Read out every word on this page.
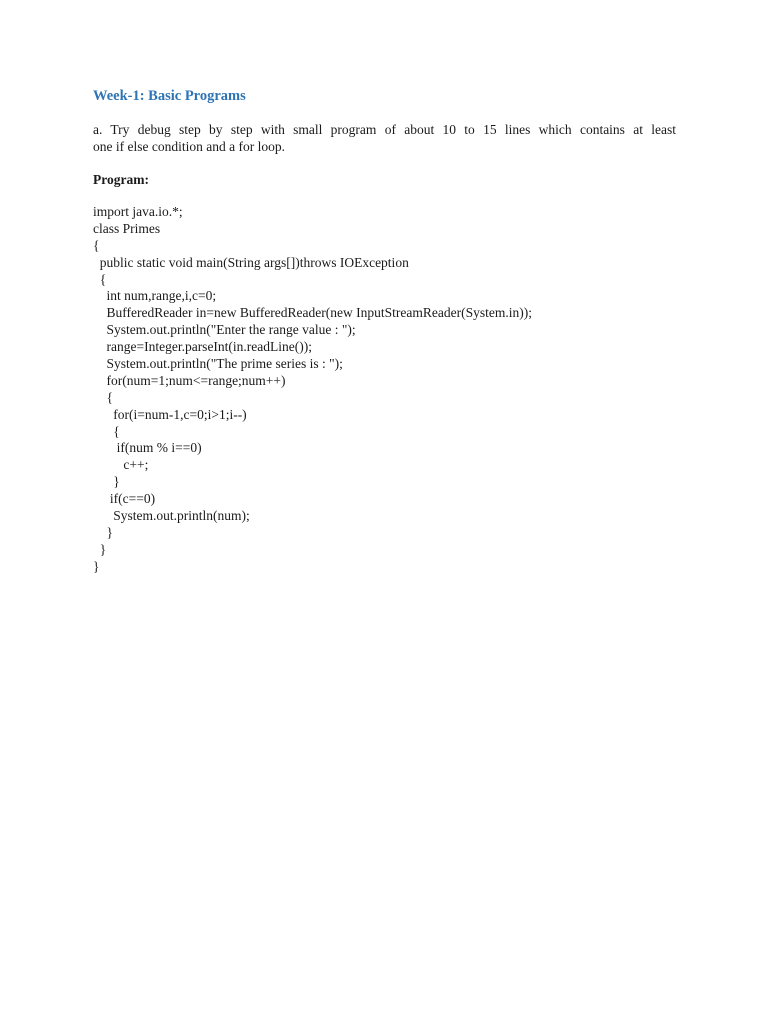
Week-1: Basic Programs
a. Try debug step by step with small program of about 10 to 15 lines which contains at least
one if else condition and a for loop.
Program:
import java.io.*;
class Primes
{
public static void main(String args[])throws IOException
{
int num,range,i,c=0;
BufferedReader in=new BufferedReader(new InputStreamReader(System.in));
System.out.println("Enter the range value : ");
range=Integer.parseInt(in.readLine());
System.out.println("The prime series is : ");
for(num=1;num<=range;num++)
{
for(i=num-1,c=0;i>1;i--)
{
if(num % i==0)
c++;
}
if(c==0)
System.out.println(num);
}
}
}
